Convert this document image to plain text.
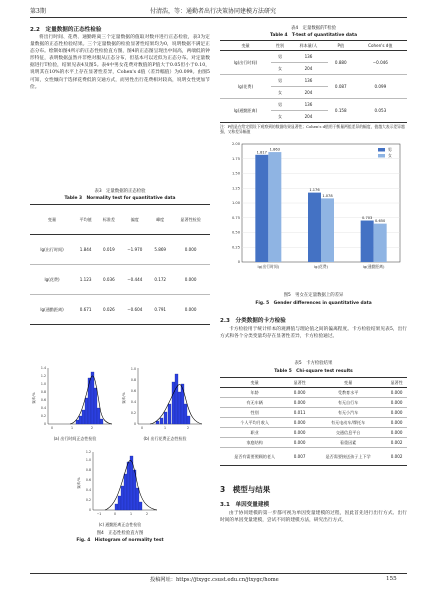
第3期	付清浩，等：通勤者出行决策协同建模方法研究
2.2　定量数据的正态性检验
将出行时间、花费、通勤距离三个定量数据的值取对数并进行正态检验，表3为定量数据的正态性检验结果。三个定量数据的检验显著性结果均为0，说明数据不满足正态分布。绘制如图4所示的正态性检验直方图，图4的正态图呈现出中间高，两端低的钟形特征，表明数据虽然并非绝对服从正态分布，但基本可以近似为正态分布。对定量数据进行T检验，结果见表4及图5。表4中男女花费对数值的P值大于0.05但小于0.10，说明其在10%的水平上存在显著性差异，Cohen's d值（差异幅值）为0.099。由图5可知，女性倾向于选择花费低的交通方式，而男性出行花费相对较高，说明女性更加节俭。
表3　定量数据的正态检验
Table 3　Normality test for quantitative data
变量	平均值	标准差	偏度	峰度	显著性检验
lg(出行时间)	1.844	0.019	−1.970	5.869	0.000
lg(花费)	1.123	0.036	−0.444	0.172	0.000
lg(通勤距离)	0.671	0.026	−0.604	0.791	0.000
0
0.2
0.4
0.6
0.8
1.0
1.2
1.4
0	1	2
频率/%
(a) 出行时间正态性检验
0
0.2
0.4
0.6
0.8
1.0
0	1	2
频率/%
(b) 出行花费正态性检验
0
0.2
0.4
0.6
0.8
1.0
1.2
−1	0	1	2
频率/%
(c) 通勤距离正态性检验
图4　正态性检验直方图
Fig. 4　Histogram of normality test
表4　定量数据的T检验
Table 4　T-test of quantitative data
变量	性别	样本量/人	P值	Cohen's d值
lg(出行时间)	男	136	0.880	−0.046
	女	204		
lg(花费)	男	136	0.087	0.099
	女	204		
lg(通勤距离)	男	136	0.158	0.053
	女	204		
注：P值是在给定假设下观察到的数据结果显著性；Cohen's d值用于衡量两组差异的幅度，值越大表示差异越强，又称差异幅值
1.817
1.863
1.176
1.078
0.703
0.650
0
0.25
0.50
0.75
1.00
1.25
1.50
1.75
2.00
lg(出行时间)	lg(花费)	lg(通勤距离)
男
女
图5　男女在定量数据上的差异
Fig. 5　Gender differences in quantitative data
2.3　分类数据的卡方检验
卡方检验用于统计样本的观测值与理论值之间的偏离程度。卡方检验结果见表5，出行方式和各个分类变量均存在显著性差异，卡方检验通过。
表5　卡方检验结果
Table 5　Chi-square test results
变量	显著性	变量	显著性
年龄	0.000	受教育水平	0.000
有无车辆	0.000	有无自行车	0.000
性别	0.011	有无小汽车	0.000
个人平均月收入	0.000	有无电动车/摩托车	0.000
职业	0.000	交通信息平台	0.000
家庭结构	0.000	看重因素	0.002
是否有需要照顾的老人	0.007	是否需要接送孩子上下学	0.002
3　模型与结果
3.1　单因变量建模
由于协同建模的第一步都可视为单因变量建模的过程，因此首先进行出行方式、出行时间的单因变量建模，尝试不同的建模方法，研究出行方式、
投稿网址：https://jtxygc.csust.edu.cn/jtxygc/home	155
